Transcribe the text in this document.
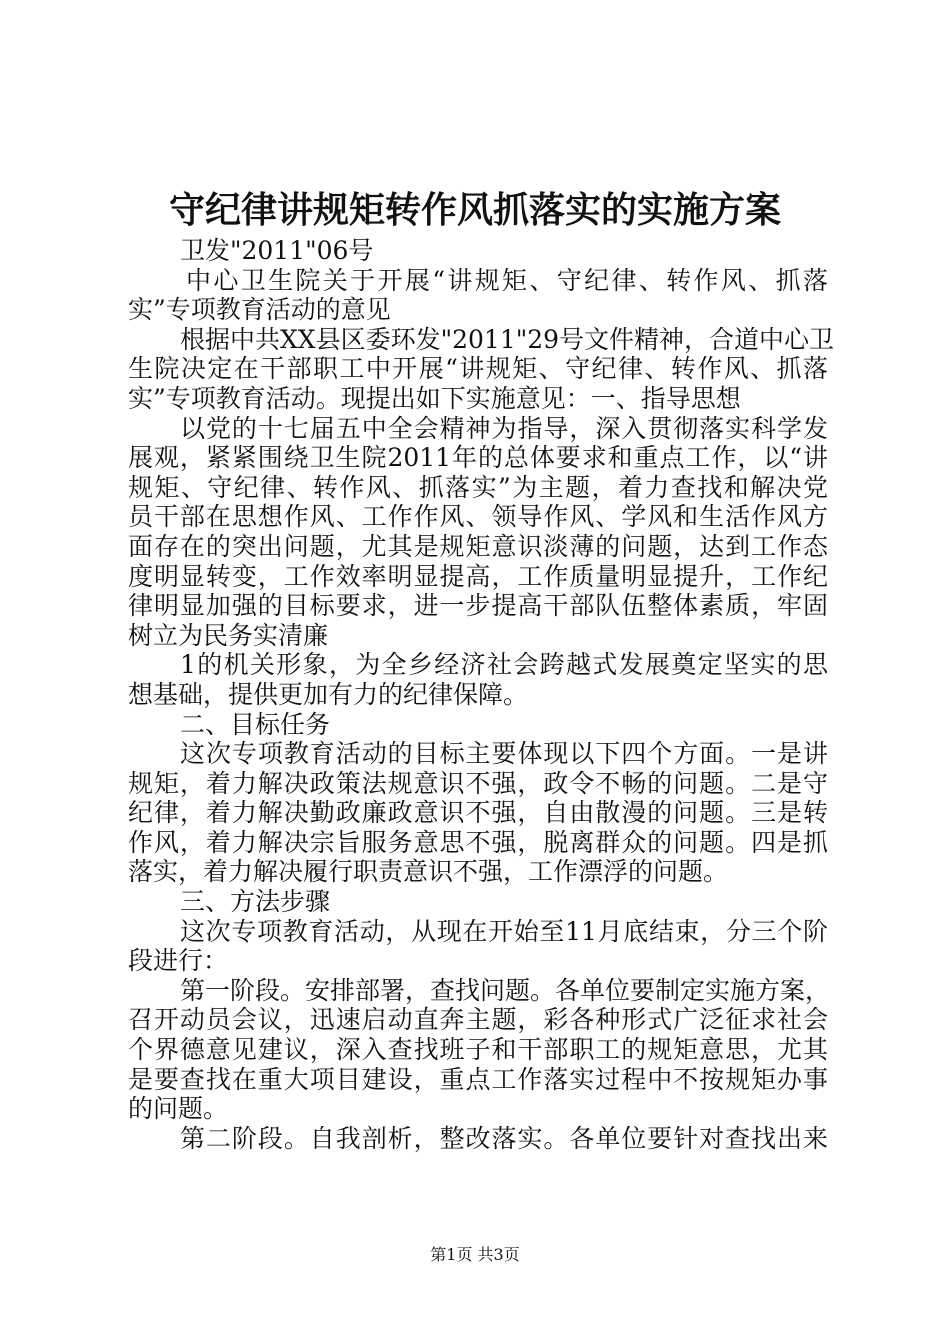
守纪律讲规矩转作风抓落实的实施方案
卫发"2011"06号
中心卫生院关于开展“讲规矩、守纪律、转作风、抓落
实”专项教育活动的意见
根据中共XX县区委环发"2011"29号文件精神，合道中心卫
生院决定在干部职工中开展“讲规矩、守纪律、转作风、抓落
实”专项教育活动。现提出如下实施意见：一、指导思想
以党的十七届五中全会精神为指导，深入贯彻落实科学发
展观，紧紧围绕卫生院2011年的总体要求和重点工作，以“讲
规矩、守纪律、转作风、抓落实”为主题，着力查找和解决党
员干部在思想作风、工作作风、领导作风、学风和生活作风方
面存在的突出问题，尤其是规矩意识淡薄的问题，达到工作态
度明显转变，工作效率明显提高，工作质量明显提升，工作纪
律明显加强的目标要求，进一步提高干部队伍整体素质，牢固
树立为民务实清廉
1的机关形象，为全乡经济社会跨越式发展奠定坚实的思
想基础，提供更加有力的纪律保障。
二、目标任务
这次专项教育活动的目标主要体现以下四个方面。一是讲
规矩，着力解决政策法规意识不强，政令不畅的问题。二是守
纪律，着力解决勤政廉政意识不强，自由散漫的问题。三是转
作风，着力解决宗旨服务意思不强，脱离群众的问题。四是抓
落实，着力解决履行职责意识不强，工作漂浮的问题。
三、方法步骤
这次专项教育活动，从现在开始至11月底结束，分三个阶
段进行：
第一阶段。安排部署，查找问题。各单位要制定实施方案，
召开动员会议，迅速启动直奔主题，彩各种形式广泛征求社会
个界德意见建议，深入查找班子和干部职工的规矩意思，尤其
是要查找在重大项目建设，重点工作落实过程中不按规矩办事
的问题。
第二阶段。自我剖析，整改落实。各单位要针对查找出来
第1页 共3页
